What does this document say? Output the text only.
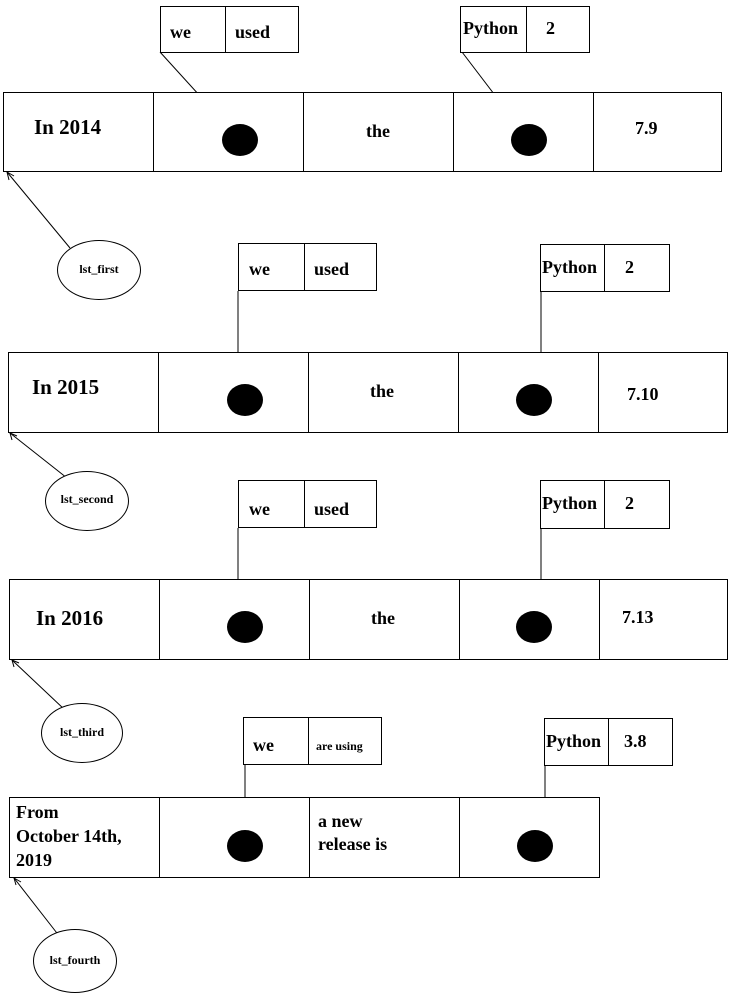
we used	Python 2
In 2014	the	7.9
lst_first	we used	Python 2
In 2015	the	7.10
lst_second	we used	Python 2
In 2016	the	7.13
lst_third
we	are using	Python 3.8
From
October 14th,
2019
a new
release is
lst_fourth
